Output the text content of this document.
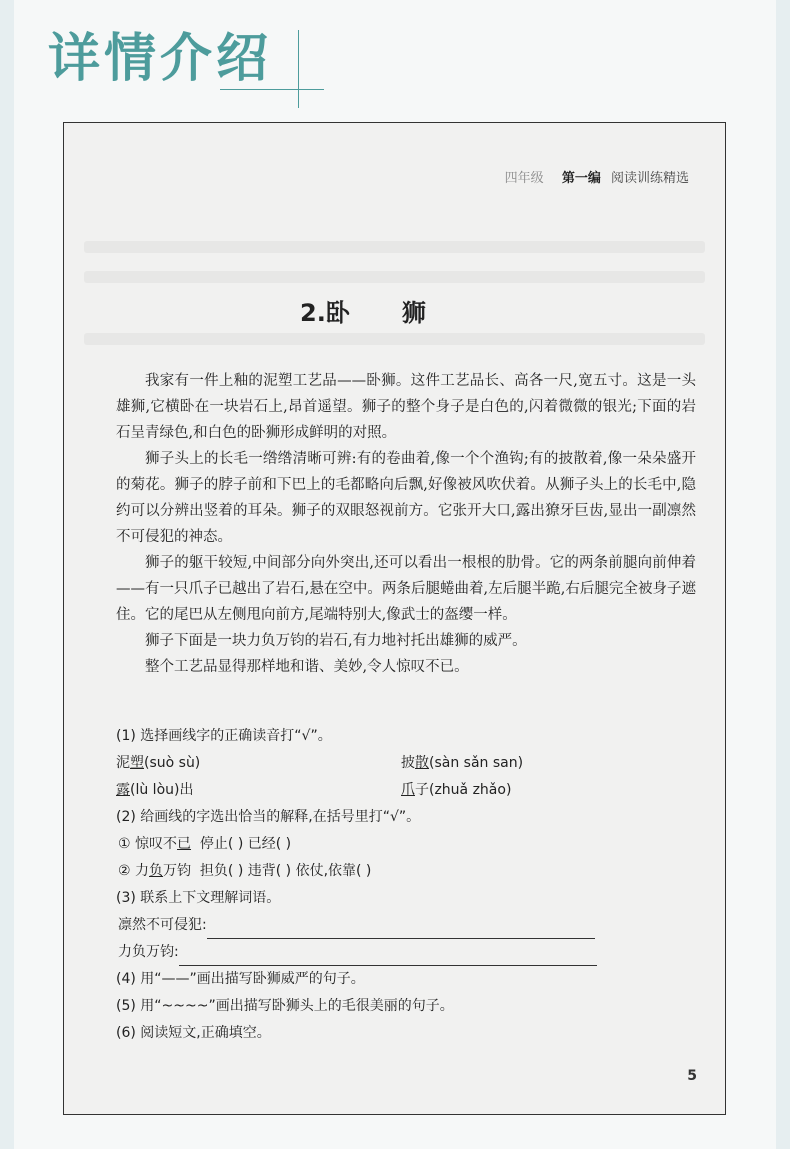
详情介绍
四年级 第一编 阅读训练精选
2.卧 狮

我家有一件上釉的泥塑工艺品——卧狮。这件工艺品长、高各一尺,宽五寸。这是一头雄狮,它横卧在一块岩石上,昂首遥望。狮子的整个身子是白色的,闪着微微的银光;下面的岩石呈青绿色,和白色的卧狮形成鲜明的对照。

狮子头上的长毛一绺绺清晰可辨:有的卷曲着,像一个个渔钩;有的披散着,像一朵朵盛开的菊花。狮子的脖子前和下巴上的毛都略向后飘,好像被风吹伏着。从狮子头上的长毛中,隐约可以分辨出竖着的耳朵。狮子的双眼怒视前方。它张开大口,露出獠牙巨齿,显出一副凛然不可侵犯的神态。

狮子的躯干较短,中间部分向外突出,还可以看出一根根的肋骨。它的两条前腿向前伸着——有一只爪子已越出了岩石,悬在空中。两条后腿蜷曲着,左后腿半跪,右后腿完全被身子遮住。它的尾巴从左侧甩向前方,尾端特别大,像武士的盔缨一样。

狮子下面是一块力负万钧的岩石,有力地衬托出雄狮的威严。

整个工艺品显得那样地和谐、美妙,令人惊叹不已。

(1) 选择画线字的正确读音打“√”。
泥塑(suò sù)	披散(sàn sǎn san)
露(lù lòu)出	爪子(zhuǎ zhǎo)
(2) 给画线的字选出恰当的解释,在括号里打“√”。
① 惊叹不已 停止( ) 已经( )
② 力负万钧 担负( ) 违背( ) 依仗,依靠( )
(3) 联系上下文理解词语。
凛然不可侵犯:
力负万钧:
(4) 用“——”画出描写卧狮威严的句子。
(5) 用“~~~~”画出描写卧狮头上的毛很美丽的句子。
(6) 阅读短文,正确填空。
5
